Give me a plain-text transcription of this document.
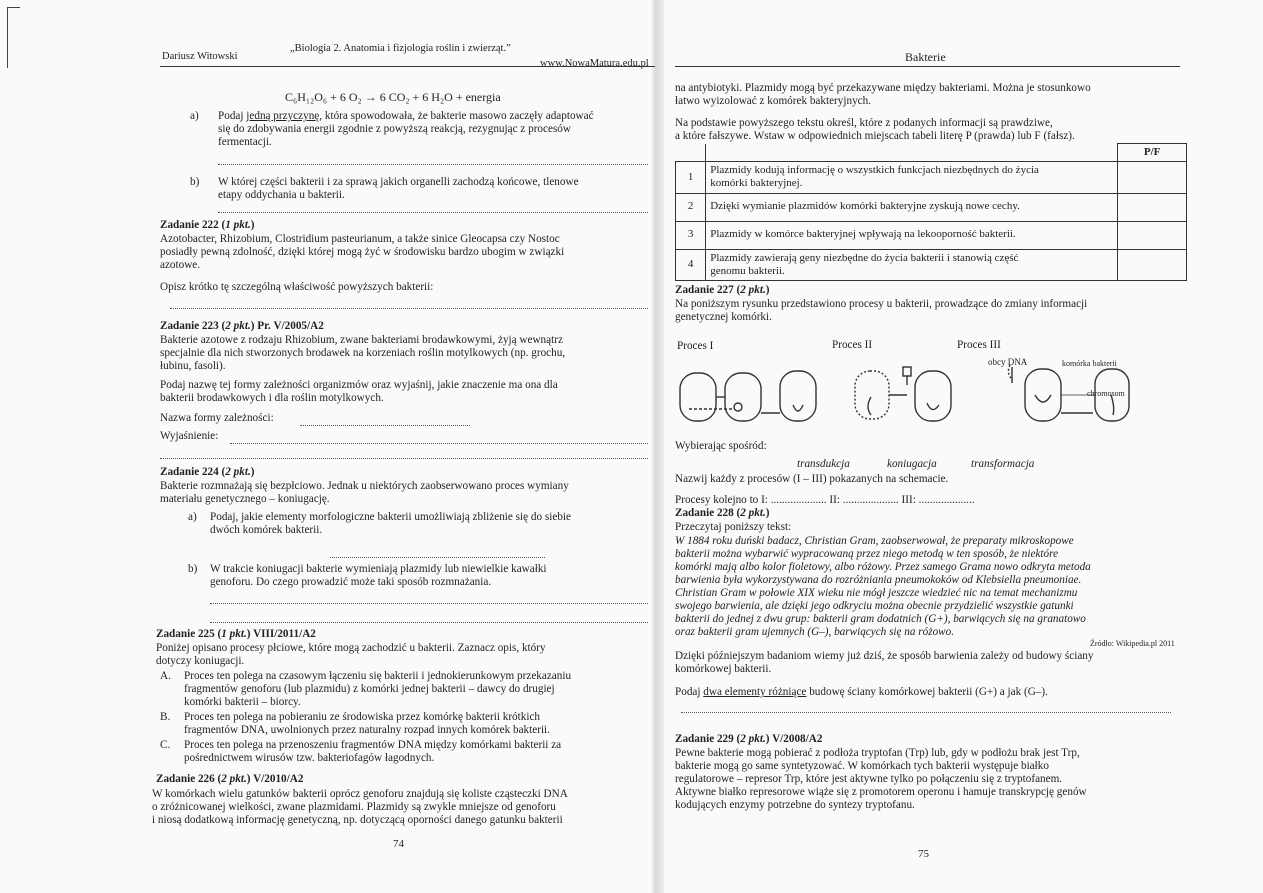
Dariusz Witowski
„Biologia 2. Anatomia i fizjologia roślin i zwierząt.”
www.NowaMatura.edu.pl
C₆H₁₂O₆ + 6 O₂ → 6 CO₂ + 6 H₂O + energia
a) Podaj jedną przyczynę, która spowodowała, że bakterie masowo zaczęły adaptować
się do zdobywania energii zgodnie z powyższą reakcją, rezygnując z procesów
fermentacji.
b) W której części bakterii i za sprawą jakich organelli zachodzą końcowe, tlenowe
etapy oddychania u bakterii.
Zadanie 222 (1 pkt.)
Azotobacter, Rhizobium, Clostridium pasteurianum, a także sinice Gleocapsa czy Nostoc
posiadły pewną zdolność, dzięki której mogą żyć w środowisku bardzo ubogim w związki
azotowe.
Opisz krótko tę szczególną właściwość powyższych bakterii:
Zadanie 223 (2 pkt.) Pr. V/2005/A2
Bakterie azotowe z rodzaju Rhizobium, zwane bakteriami brodawkowymi, żyją wewnątrz
specjalnie dla nich stworzonych brodawek na korzeniach roślin motylkowych (np. grochu,
łubinu, fasoli).
Podaj nazwę tej formy zależności organizmów oraz wyjaśnij, jakie znaczenie ma ona dla
bakterii brodawkowych i dla roślin motylkowych.
Nazwa formy zależności:
Wyjaśnienie:
Zadanie 224 (2 pkt.)
Bakterie rozmnażają się bezpłciowo. Jednak u niektórych zaobserwowano proces wymiany
materiału genetycznego – koniugację.
a) Podaj, jakie elementy morfologiczne bakterii umożliwiają zbliżenie się do siebie
dwóch komórek bakterii.
b) W trakcie koniugacji bakterie wymieniają plazmidy lub niewielkie kawałki
genoforu. Do czego prowadzić może taki sposób rozmnażania.
Zadanie 225 (1 pkt.) VIII/2011/A2
Poniżej opisano procesy płciowe, które mogą zachodzić u bakterii. Zaznacz opis, który
dotyczy koniugacji.
A. Proces ten polega na czasowym łączeniu się bakterii i jednokierunkowym przekazaniu
fragmentów genoforu (lub plazmidu) z komórki jednej bakterii – dawcy do drugiej
komórki bakterii – biorcy.
B. Proces ten polega na pobieraniu ze środowiska przez komórkę bakterii krótkich
fragmentów DNA, uwolnionych przez naturalny rozpad innych komórek bakterii.
C. Proces ten polega na przenoszeniu fragmentów DNA między komórkami bakterii za
pośrednictwem wirusów tzw. bakteriofagów łagodnych.
Zadanie 226 (2 pkt.) V/2010/A2
W komórkach wielu gatunków bakterii oprócz genoforu znajdują się koliste cząsteczki DNA
o zróżnicowanej wielkości, zwane plazmidami. Plazmidy są zwykle mniejsze od genoforu
i niosą dodatkową informację genetyczną, np. dotyczącą oporności danego gatunku bakterii
74
Bakterie
na antybiotyki. Plazmidy mogą być przekazywane między bakteriami. Można je stosunkowo
łatwo wyizolować z komórek bakteryjnych.
Na podstawie powyższego tekstu określ, które z podanych informacji są prawdziwe,
a które fałszywe. Wstaw w odpowiednich miejscach tabeli literę P (prawda) lub F (fałsz).
		P/F
1	Plazmidy kodują informację o wszystkich funkcjach niezbędnych do życia
komórki bakteryjnej.	
2	Dzięki wymianie plazmidów komórki bakteryjne zyskują nowe cechy.	
3	Plazmidy w komórce bakteryjnej wpływają na lekooporność bakterii.	
4	Plazmidy zawierają geny niezbędne do życia bakterii i stanowią część
genomu bakterii.	
Zadanie 227 (2 pkt.)
Na poniższym rysunku przedstawiono procesy u bakterii, prowadzące do zmiany informacji
genetycznej komórki.
Proces I	Proces II	Proces III
obcy DNA	komórka bakterii
chromosom
Wybierając spośród:
transdukcja	koniugacja	transformacja
Nazwij każdy z procesów (I – III) pokazanych na schemacie.
Procesy kolejno to I: .................... II: .................... III: ....................
Zadanie 228 (2 pkt.)
Przeczytaj poniższy tekst:
W 1884 roku duński badacz, Christian Gram, zaobserwował, że preparaty mikroskopowe
bakterii można wybarwić wypracowaną przez niego metodą w ten sposób, że niektóre
komórki mają albo kolor fioletowy, albo różowy. Przez samego Grama nowo odkryta metoda
barwienia była wykorzystywana do rozróżniania pneumokoków od Klebsiella pneumoniae.
Christian Gram w połowie XIX wieku nie mógł jeszcze wiedzieć nic na temat mechanizmu
swojego barwienia, ale dzięki jego odkryciu można obecnie przydzielić wszystkie gatunki
bakterii do jednej z dwu grup: bakterii gram dodatnich (G+), barwiących się na granatowo
oraz bakterii gram ujemnych (G–), barwiących się na różowo.
Źródło: Wikipedia.pl 2011
Dzięki późniejszym badaniom wiemy już dziś, że sposób barwienia zależy od budowy ściany
komórkowej bakterii.
Podaj dwa elementy różniące budowę ściany komórkowej bakterii (G+) a jak (G–).
Zadanie 229 (2 pkt.) V/2008/A2
Pewne bakterie mogą pobierać z podłoża tryptofan (Trp) lub, gdy w podłożu brak jest Trp,
bakterie mogą go same syntetyzować. W komórkach tych bakterii występuje białko
regulatorowe – represor Trp, które jest aktywne tylko po połączeniu się z tryptofanem.
Aktywne białko represorowe wiąże się z promotorem operonu i hamuje transkrypcję genów
kodujących enzymy potrzebne do syntezy tryptofanu.
75
